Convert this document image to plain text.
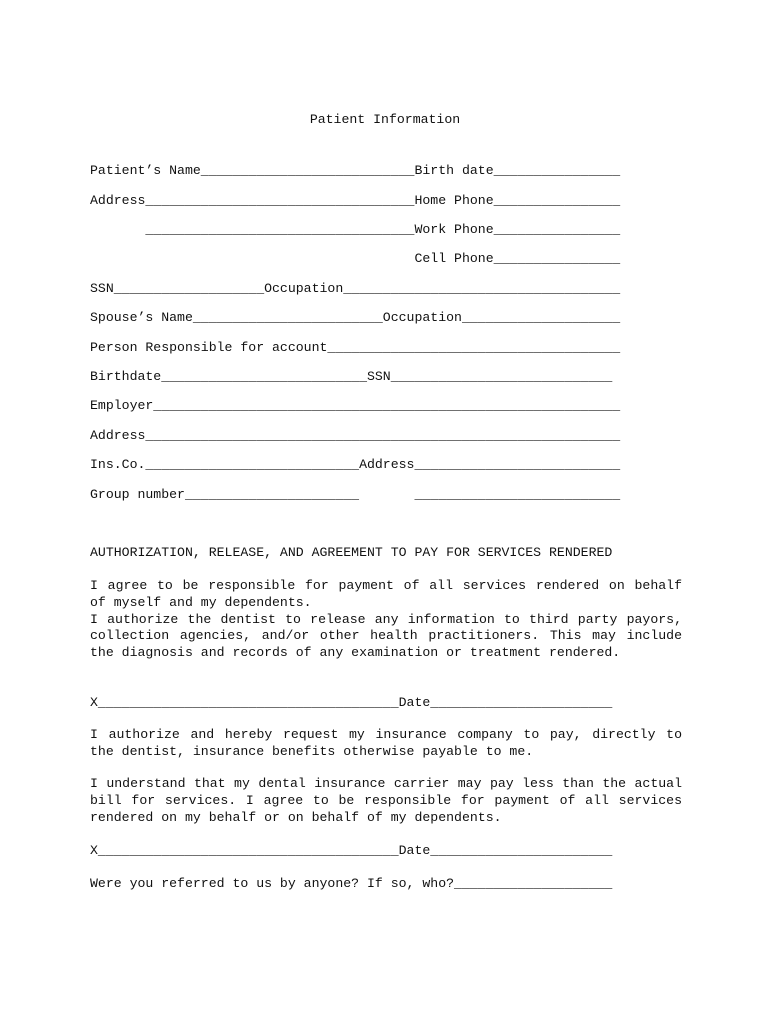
Patient Information
Patient’s Name___________________________Birth date________________
Address__________________________________Home Phone________________
__________________________________Work Phone________________
Cell Phone________________
SSN___________________Occupation___________________________________
Spouse’s Name________________________Occupation____________________
Person Responsible for account_____________________________________
Birthdate__________________________SSN____________________________
Employer___________________________________________________________
Address____________________________________________________________
Ins.Co.___________________________Address__________________________
Group number______________________       __________________________
AUTHORIZATION, RELEASE, AND AGREEMENT TO PAY FOR SERVICES RENDERED
I agree to be responsible for payment of all services rendered on behalf of myself and my dependents.
I authorize the dentist to release any information to third party payors, collection agencies, and/or other health practitioners. This may include the diagnosis and records of any examination or treatment rendered.
X______________________________________Date_______________________
I authorize and hereby request my insurance company to pay, directly to the dentist, insurance benefits otherwise payable to me.
I understand that my dental insurance carrier may pay less than the actual bill for services. I agree to be responsible for payment of all services rendered on my behalf or on behalf of my dependents.
X______________________________________Date_______________________
Were you referred to us by anyone? If so, who?____________________
